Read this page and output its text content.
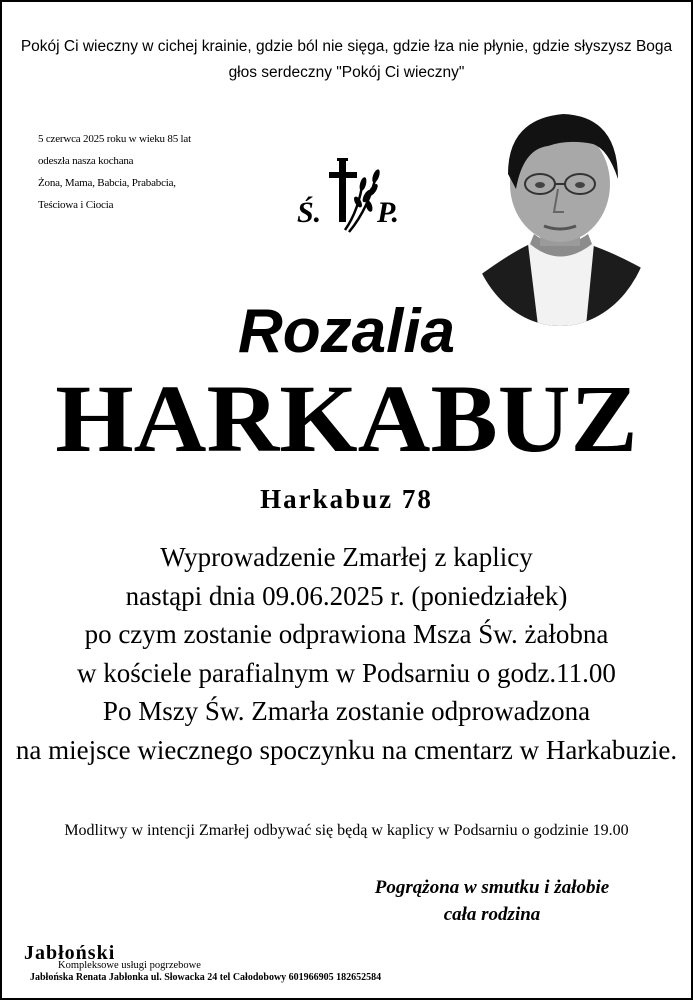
Pokój Ci wieczny w cichej krainie, gdzie ból nie sięga, gdzie łza nie płynie, gdzie słyszysz Boga
głos serdeczny "Pokój Ci wieczny"
5 czerwca 2025 roku w wieku 85 lat
odeszła nasza kochana
Żona, Mama, Babcia, Prababcia,
Teściowa i Ciocia	Ś. P.
Rozalia
HARKABUZ
Harkabuz 78
Wyprowadzenie Zmarłej z kaplicy
nastąpi dnia 09.06.2025 r. (poniedziałek)
po czym zostanie odprawiona Msza Św. żałobna
w kościele parafialnym w Podsarniu o godz.11.00
Po Mszy Św. Zmarła zostanie odprowadzona
na miejsce wiecznego spoczynku na cmentarz w Harkabuzie.
Modlitwy w intencji Zmarłej odbywać się będą w kaplicy w Podsarniu o godzinie 19.00
Pogrążona w smutku i żałobie
cała rodzina
Jabłoński
Kompleksowe usługi pogrzebowe
Jabłońska Renata Jabłonka ul. Słowacka 24 tel Całodobowy 601966905 182652584
